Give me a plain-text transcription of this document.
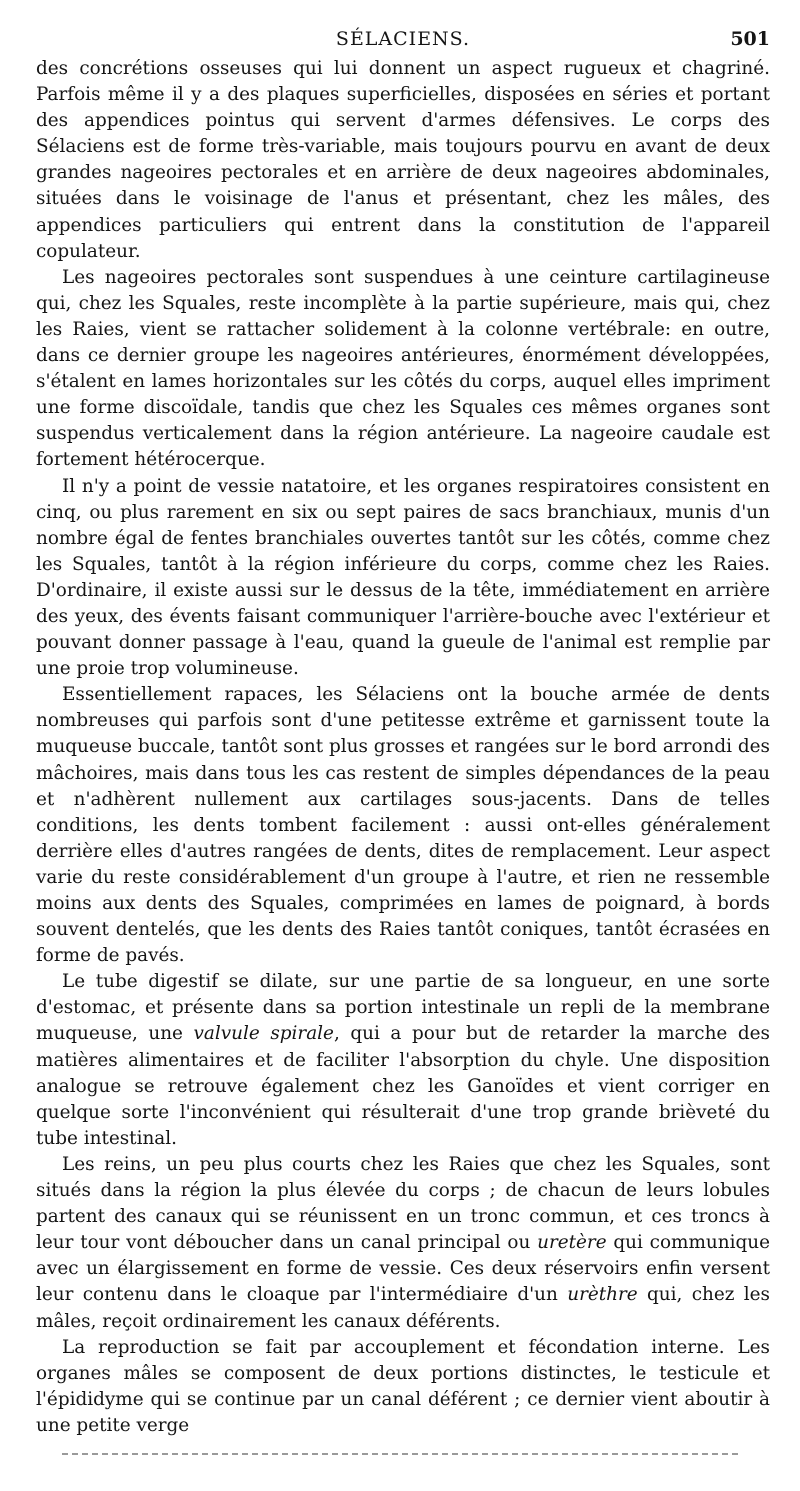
SÉLACIENS.	501

des concrétions osseuses qui lui donnent un aspect rugueux et chagriné. Parfois même il y a des plaques superficielles, disposées en séries et portant des appendices pointus qui servent d'armes défensives. Le corps des Sélaciens est de forme très-variable, mais toujours pourvu en avant de deux grandes nageoires pectorales et en arrière de deux nageoires abdominales, situées dans le voisinage de l'anus et présentant, chez les mâles, des appendices particuliers qui entrent dans la constitution de l'appareil copulateur.

Les nageoires pectorales sont suspendues à une ceinture cartilagineuse qui, chez les Squales, reste incomplète à la partie supérieure, mais qui, chez les Raies, vient se rattacher solidement à la colonne vertébrale: en outre, dans ce dernier groupe les nageoires antérieures, énormément développées, s'étalent en lames horizontales sur les côtés du corps, auquel elles impriment une forme discoïdale, tandis que chez les Squales ces mêmes organes sont suspendus verticalement dans la région antérieure. La nageoire caudale est fortement hétérocerque.

Il n'y a point de vessie natatoire, et les organes respiratoires consistent en cinq, ou plus rarement en six ou sept paires de sacs branchiaux, munis d'un nombre égal de fentes branchiales ouvertes tantôt sur les côtés, comme chez les Squales, tantôt à la région inférieure du corps, comme chez les Raies. D'ordinaire, il existe aussi sur le dessus de la tête, immédiatement en arrière des yeux, des évents faisant communiquer l'arrière-bouche avec l'extérieur et pouvant donner passage à l'eau, quand la gueule de l'animal est remplie par une proie trop volumineuse.

Essentiellement rapaces, les Sélaciens ont la bouche armée de dents nombreuses qui parfois sont d'une petitesse extrême et garnissent toute la muqueuse buccale, tantôt sont plus grosses et rangées sur le bord arrondi des mâchoires, mais dans tous les cas restent de simples dépendances de la peau et n'adhèrent nullement aux cartilages sous-jacents. Dans de telles conditions, les dents tombent facilement : aussi ont-elles généralement derrière elles d'autres rangées de dents, dites de remplacement. Leur aspect varie du reste considérablement d'un groupe à l'autre, et rien ne ressemble moins aux dents des Squales, comprimées en lames de poignard, à bords souvent dentelés, que les dents des Raies tantôt coniques, tantôt écrasées en forme de pavés.

Le tube digestif se dilate, sur une partie de sa longueur, en une sorte d'estomac, et présente dans sa portion intestinale un repli de la membrane muqueuse, une valvule spirale, qui a pour but de retarder la marche des matières alimentaires et de faciliter l'absorption du chyle. Une disposition analogue se retrouve également chez les Ganoïdes et vient corriger en quelque sorte l'inconvénient qui résulterait d'une trop grande brièveté du tube intestinal.

Les reins, un peu plus courts chez les Raies que chez les Squales, sont situés dans la région la plus élevée du corps ; de chacun de leurs lobules partent des canaux qui se réunissent en un tronc commun, et ces troncs à leur tour vont déboucher dans un canal principal ou uretère qui communique avec un élargissement en forme de vessie. Ces deux réservoirs enfin versent leur contenu dans le cloaque par l'intermédiaire d'un urèthre qui, chez les mâles, reçoit ordinairement les canaux déférents.

La reproduction se fait par accouplement et fécondation interne. Les organes mâles se composent de deux portions distinctes, le testicule et l'épididyme qui se continue par un canal déférent ; ce dernier vient aboutir à une petite verge
